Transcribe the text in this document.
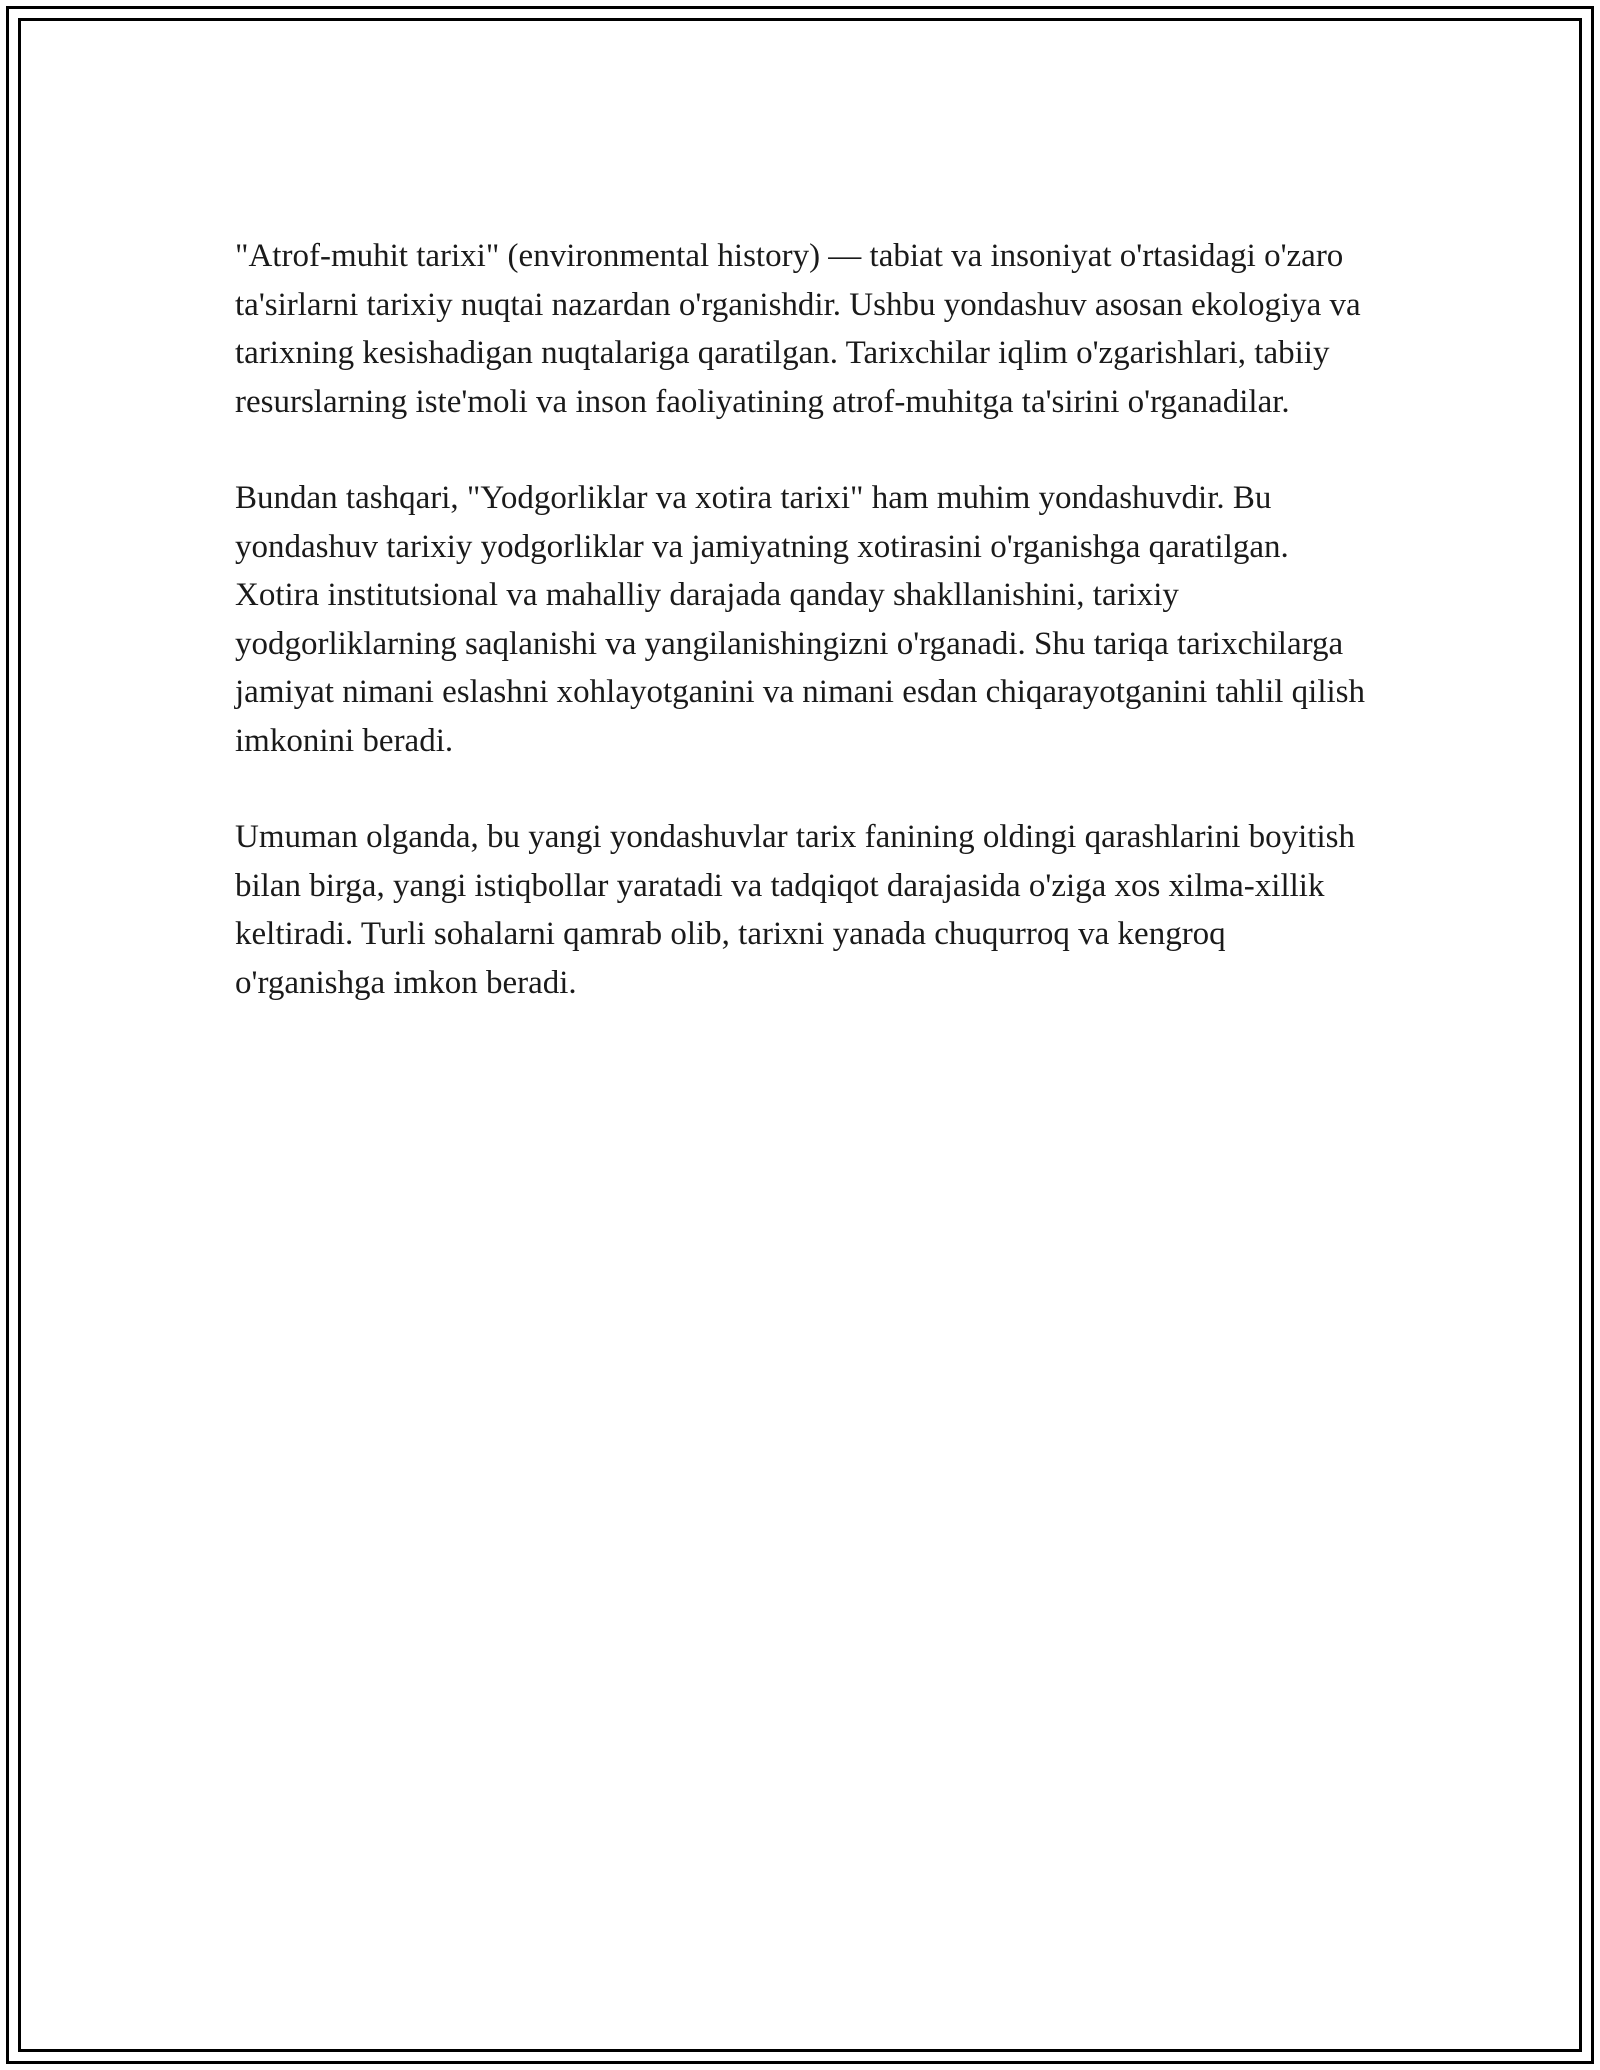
"Atrof-muhit tarixi" (environmental history) — tabiat va insoniyat o'rtasidagi o'zaro ta'sirlarni tarixiy nuqtai nazardan o'rganishdir. Ushbu yondashuv asosan ekologiya va tarixning kesishadigan nuqtalariga qaratilgan. Tarixchilar iqlim o'zgarishlari, tabiiy resurslarning iste'moli va inson faoliyatining atrof-muhitga ta'sirini o'rganadilar.

Bundan tashqari, "Yodgorliklar va xotira tarixi" ham muhim yondashuvdir. Bu yondashuv tarixiy yodgorliklar va jamiyatning xotirasini o'rganishga qaratilgan. Xotira institutsional va mahalliy darajada qanday shakllanishini, tarixiy yodgorliklarning saqlanishi va yangilanishingizni o'rganadi. Shu tariqa tarixchilarga jamiyat nimani eslashni xohlayotganini va nimani esdan chiqarayotganini tahlil qilish imkonini beradi.

Umuman olganda, bu yangi yondashuvlar tarix fanining oldingi qarashlarini boyitish bilan birga, yangi istiqbollar yaratadi va tadqiqot darajasida o'ziga xos xilma-xillik keltiradi. Turli sohalarni qamrab olib, tarixni yanada chuqurroq va kengroq o'rganishga imkon beradi.
